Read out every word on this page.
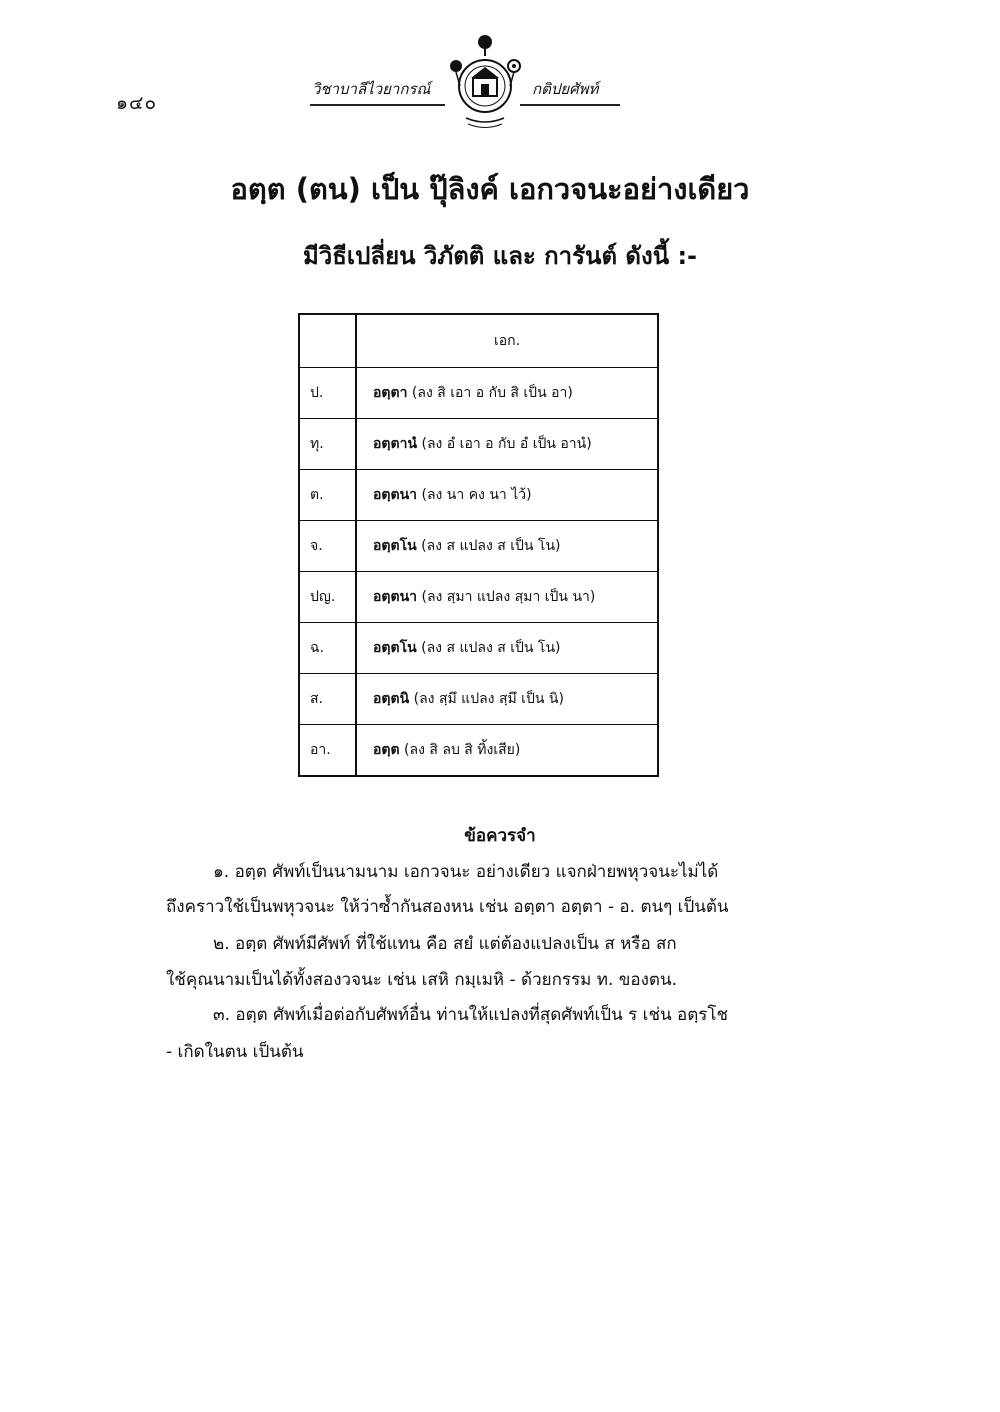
๑๔๐
วิชาบาลีไวยากรณ์	กติปยศัพท์
อตฺต (ตน) เป็น ปุ๊ลิงค์ เอกวจนะอย่างเดียว
มีวิธีเปลี่ยน วิภัตติ และ การันต์ ดังนี้ :-
	เอก.
ป.	อตฺตา (ลง สิ เอา อ กับ สิ เป็น อา)
ทุ.	อตฺตานํ (ลง อํ เอา อ กับ อํ เป็น อานํ)
ต.	อตฺตนา (ลง นา คง นา ไว้)
จ.	อตฺตโน (ลง ส แปลง ส เป็น โน)
ปญ.	อตฺตนา (ลง สฺมา แปลง สฺมา เป็น นา)
ฉ.	อตฺตโน (ลง ส แปลง ส เป็น โน)
ส.	อตฺตนิ (ลง สฺมึ แปลง สฺมึ เป็น นิ)
อา.	อตฺต (ลง สิ ลบ สิ ทิ้งเสีย)
ข้อควรจำ
๑. อตฺต ศัพท์เป็นนามนาม เอกวจนะ อย่างเดียว แจกฝ่ายพหุวจนะไม่ได้
ถึงคราวใช้เป็นพหุวจนะ ให้ว่าซ้ำกันสองหน เช่น อตฺตา อตฺตา - อ. ตนๆ เป็นต้น
๒. อตฺต ศัพท์มีศัพท์ ที่ใช้แทน คือ สยํ แต่ต้องแปลงเป็น ส หรือ สก
ใช้คุณนามเป็นได้ทั้งสองวจนะ เช่น เสหิ กมฺเมหิ - ด้วยกรรม ท. ของตน.
๓. อตฺต ศัพท์เมื่อต่อกับศัพท์อื่น ท่านให้แปลงที่สุดศัพท์เป็น ร เช่น อตฺรโช
- เกิดในตน เป็นต้น
